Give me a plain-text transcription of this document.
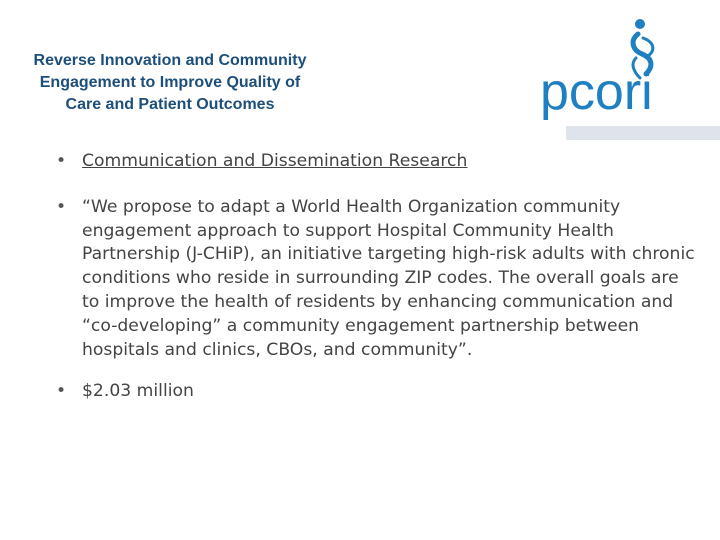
Reverse Innovation and Community
Engagement to Improve Quality of
Care and Patient Outcomes	pcori
• Communication and Dissemination Research
• “We propose to adapt a World Health Organization community engagement approach to support Hospital Community Health Partnership (J-CHiP), an initiative targeting high-risk adults with chronic conditions who reside in surrounding ZIP codes. The overall goals are to improve the health of residents by enhancing communication and “co-developing” a community engagement partnership between hospitals and clinics, CBOs, and community”.
• $2.03 million
